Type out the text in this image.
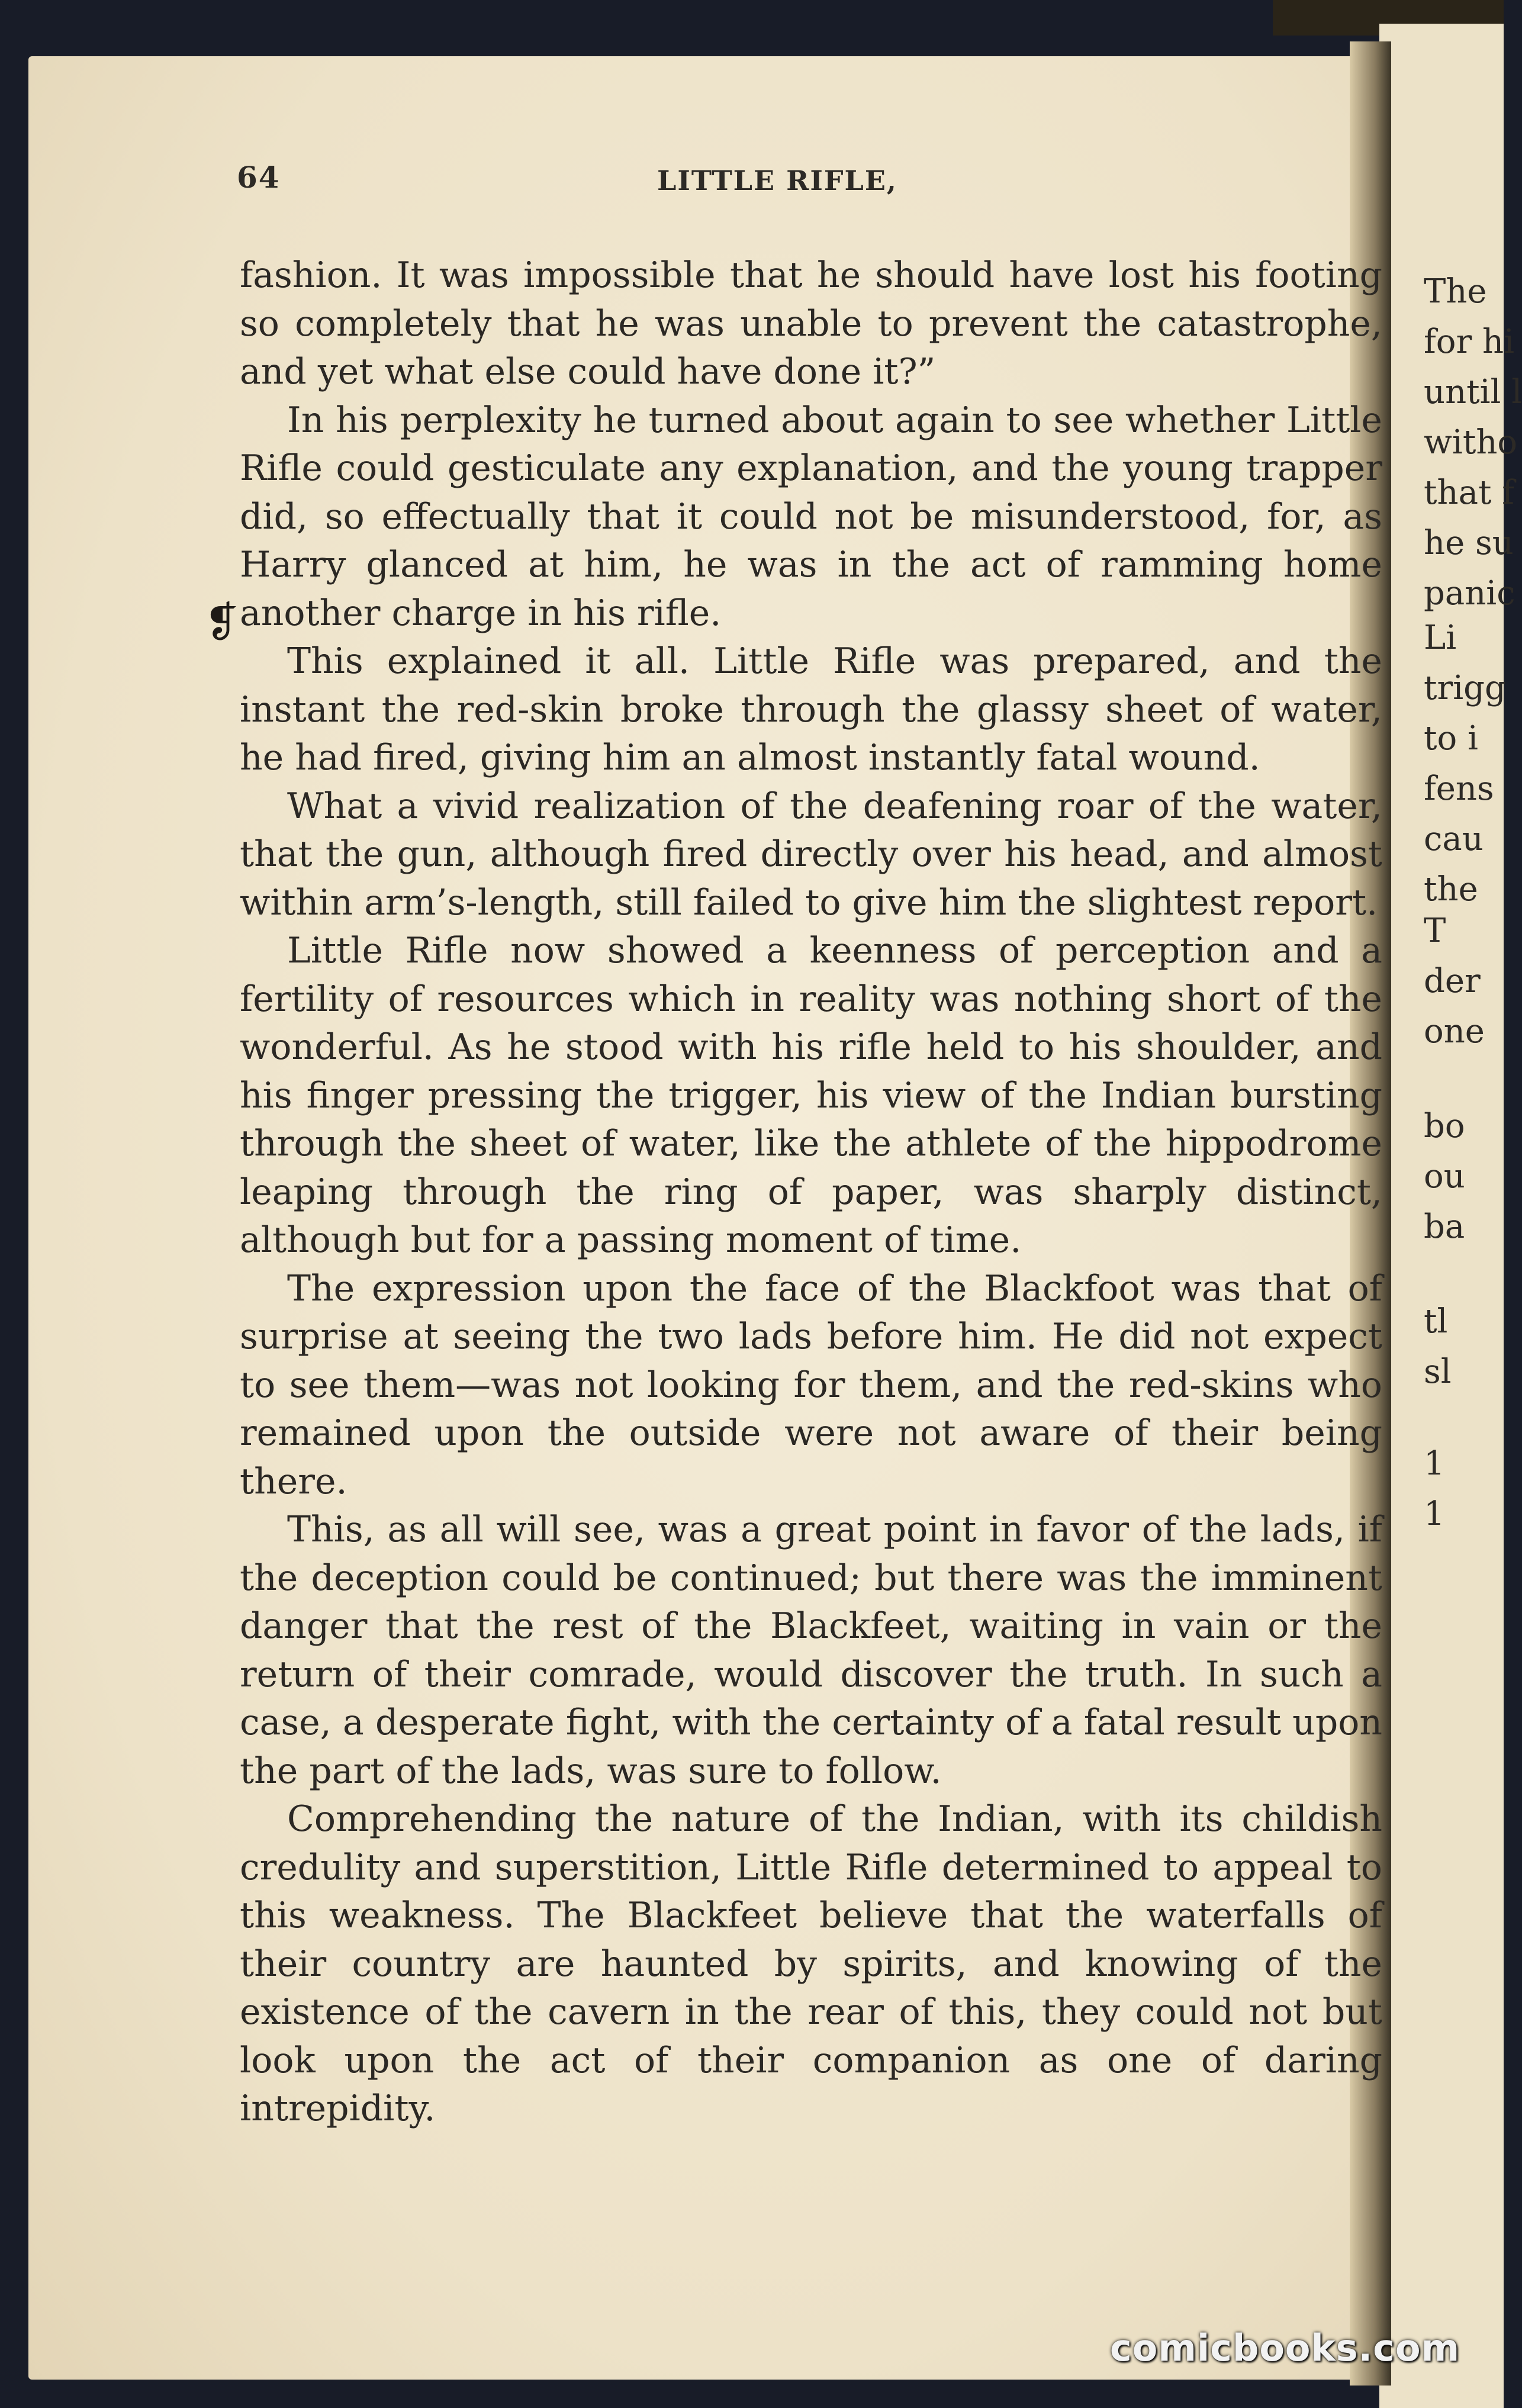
The
for hi
until l
witho
that f
he su
panic
Li
trigg
to i
fens
cau
the
T
der
one
bo
ou
ba
tl
sl
1
1
64	LITTLE RIFLE,

fashion. It was impossible that he should have lost his footing so completely that he was unable to prevent the catastrophe, and yet what else could have done it?”

In his perplexity he turned about again to see whether Little Rifle could gesticulate any explanation, and the young trapper did, so effectually that it could not be misunderstood, for, as Harry glanced at him, he was in the act of ramming home another charge in his rifle.

This explained it all. Little Rifle was prepared, and the instant the red-skin broke through the glassy sheet of water, he had fired, giving him an almost instantly fatal wound.

What a vivid realization of the deafening roar of the water, that the gun, although fired directly over his head, and almost within arm’s-length, still failed to give him the slightest report.

Little Rifle now showed a keenness of perception and a fertility of resources which in reality was nothing short of the wonderful. As he stood with his rifle held to his shoulder, and his finger pressing the trigger, his view of the Indian bursting through the sheet of water, like the athlete of the hippodrome leaping through the ring of paper, was sharply distinct, although but for a passing moment of time.

The expression upon the face of the Blackfoot was that of surprise at seeing the two lads before him. He did not expect to see them—was not looking for them, and the red-skins who remained upon the outside were not aware of their being there.

This, as all will see, was a great point in favor of the lads, if the deception could be continued; but there was the imminent danger that the rest of the Blackfeet, waiting in vain or the return of their comrade, would discover the truth. In such a case, a desperate fight, with the certainty of a fatal result upon the part of the lads, was sure to follow.

Comprehending the nature of the Indian, with its childish credulity and superstition, Little Rifle determined to appeal to this weakness. The Blackfeet believe that the waterfalls of their country are haunted by spirits, and knowing of the existence of the cavern in the rear of this, they could not but look upon the act of their companion as one of daring intrepidity.

❡
comicbooks.com
